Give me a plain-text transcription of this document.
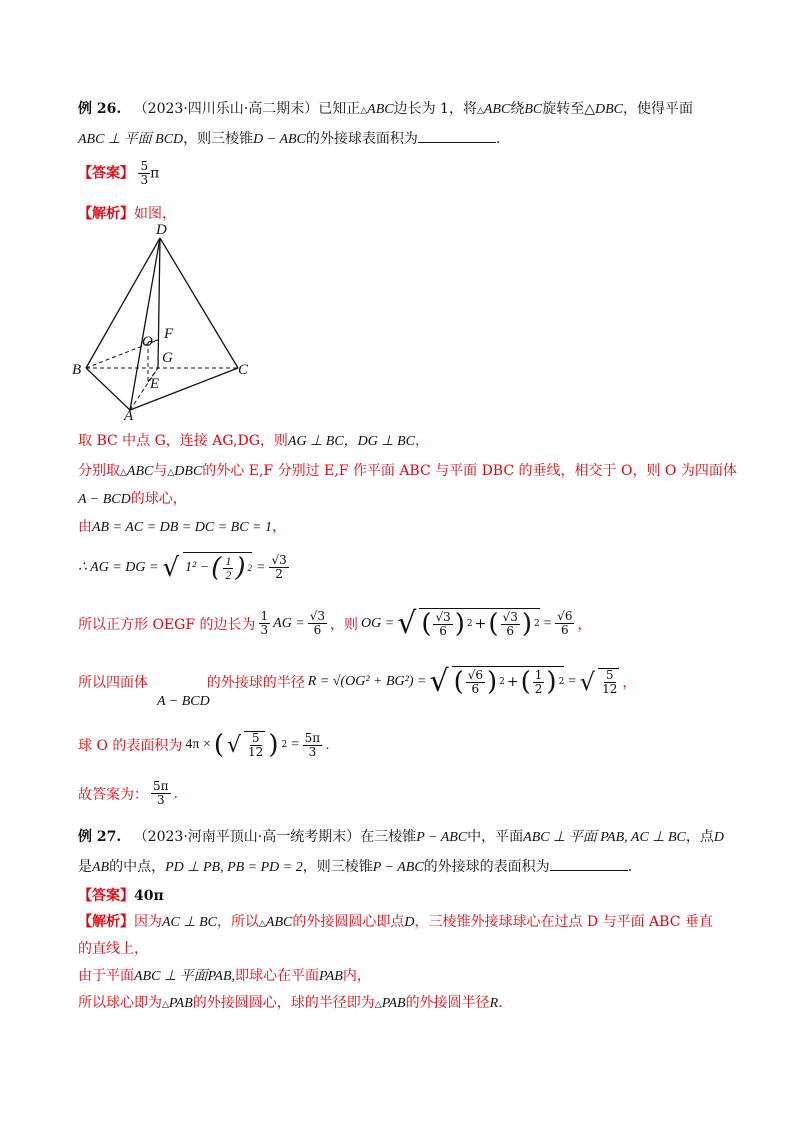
例 26. （2023·四川乐山·高二期末）已知正△ABC边长为 1，将△ABC绕BC旋转至△DBC，使得平面
ABC ⊥ 平面 BCD，则三棱锥D − ABC的外接球表面积为	.
【答案】 $\frac{5}{3}$ π
【解析】如图，
D
B	C
A
O F
G
E
取 BC 中点 G，连接 AG,DG，则AG ⊥ BC，DG ⊥ BC，
分别取△ABC与△DBC的外心 E,F 分别过 E,F 作平面 ABC 与平面 DBC 的垂线，相交于 O，则 O 为四面体
A − BCD的球心，
由AB = AC = DB = DC = BC = 1，
∴ AG = DG = √ 1² − ( $\frac{1}{2}$ ) $2 = \frac{√3}{2}$
所以正方形 OEGF 的边长为 $\frac{1}{3}$ AG = $\frac{√3}{6}$ ，则 OG = √ ( $\frac{√3}{6}$ ) 2 + ( $\frac{√3}{6}$ ) $2 = \frac{√6}{6}$ ，
所以四面体
A − BCD
的外接球的半径 R = √(OG² + BG²) = √ ( $\frac{√6}{6}$ ) 2 + ( $\frac{1}{2}$ ) 2 = √ $\frac{5}{12}$ ，
球 O 的表面积为 4π × ( √ $\frac{5}{12}$ ) $2 = \frac{5\pi}{3}$ .
故答案为： $\frac{5\pi}{3}$ .
例 27. （2023·河南平顶山·高一统考期末）在三棱锥P − ABC中，平面ABC ⊥ 平面 PAB, AC ⊥ BC，点D
是AB的中点，PD ⊥ PB, PB = PD = 2，则三棱锥P − ABC的外接球的表面积为	.
【答案】40π
【解析】因为AC ⊥ BC，所以△ABC的外接圆圆心即点D，三棱锥外接球球心在过点 D 与平面 ABC 垂直
的直线上，
由于平面ABC ⊥ 平面PAB,即球心在平面PAB内，
所以球心即为△PAB的外接圆圆心，球的半径即为△PAB的外接圆半径R.
